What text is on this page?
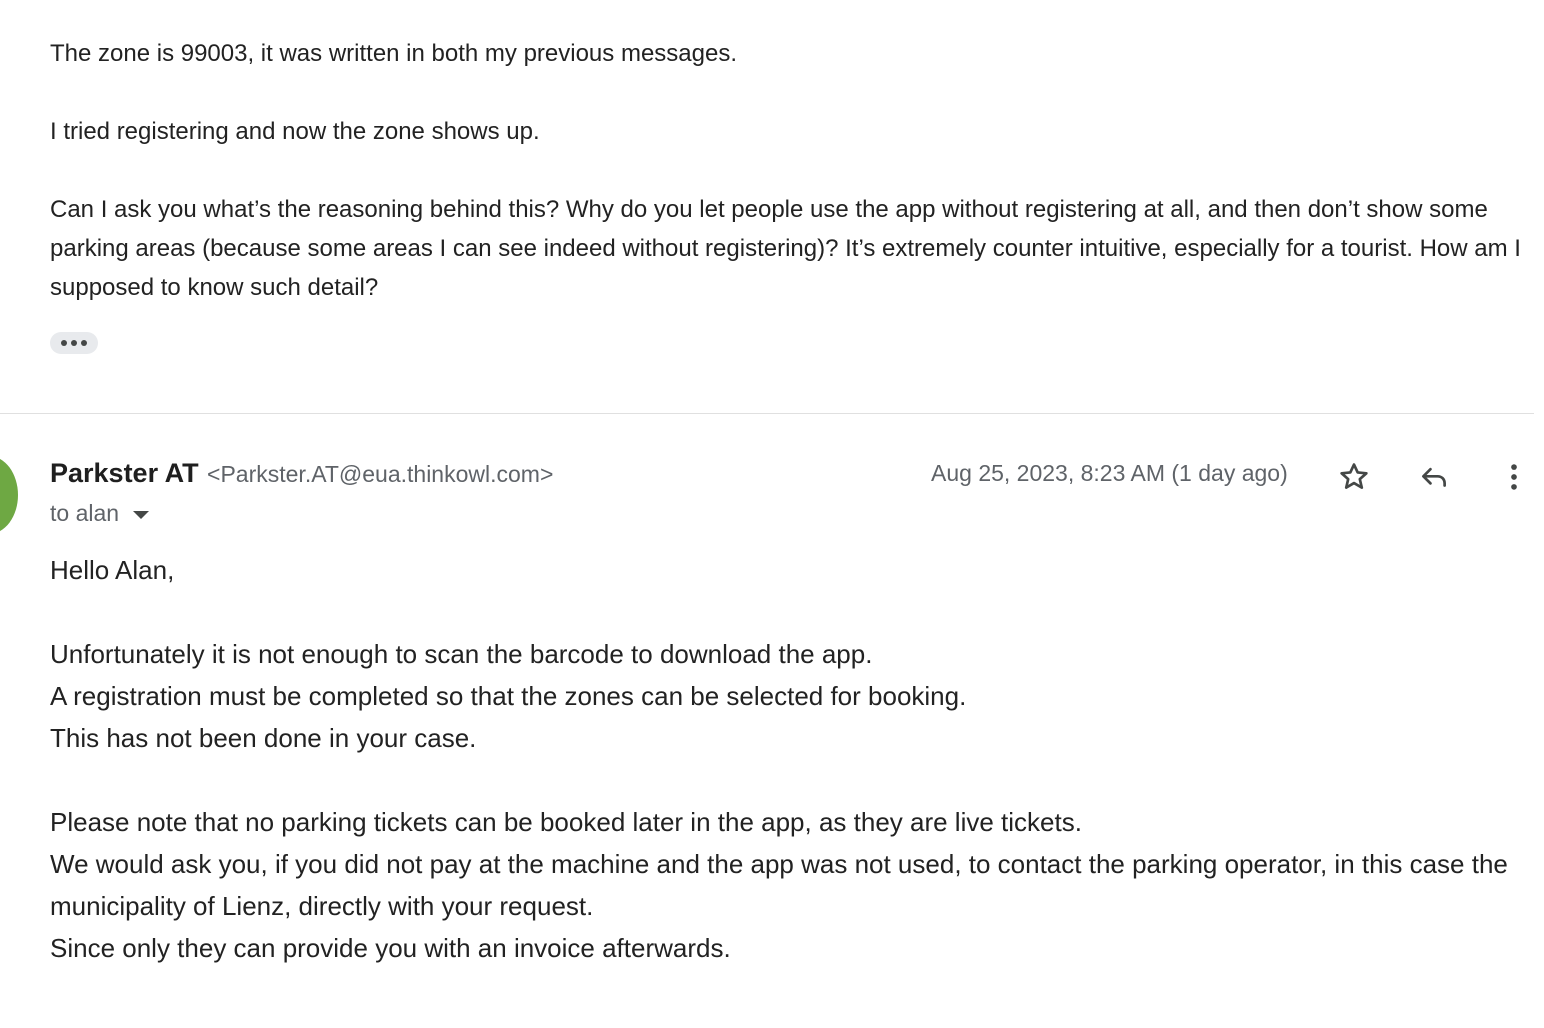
The zone is 99003, it was written in both my previous messages.

I tried registering and now the zone shows up.

Can I ask you what’s the reasoning behind this? Why do you let people use the app without registering at all, and then don’t show some parking areas (because some areas I can see indeed without registering)? It’s extremely counter intuitive, especially for a tourist. How am I supposed to know such detail?

Parkster AT <Parkster.AT@eua.thinkowl.com>
to alan
Aug 25, 2023, 8:23 AM (1 day ago)

Hello Alan,

Unfortunately it is not enough to scan the barcode to download the app.
A registration must be completed so that the zones can be selected for booking.
This has not been done in your case.

Please note that no parking tickets can be booked later in the app, as they are live tickets.
We would ask you, if you did not pay at the machine and the app was not used, to contact the parking operator, in this case the municipality of Lienz, directly with your request.
Since only they can provide you with an invoice afterwards.
